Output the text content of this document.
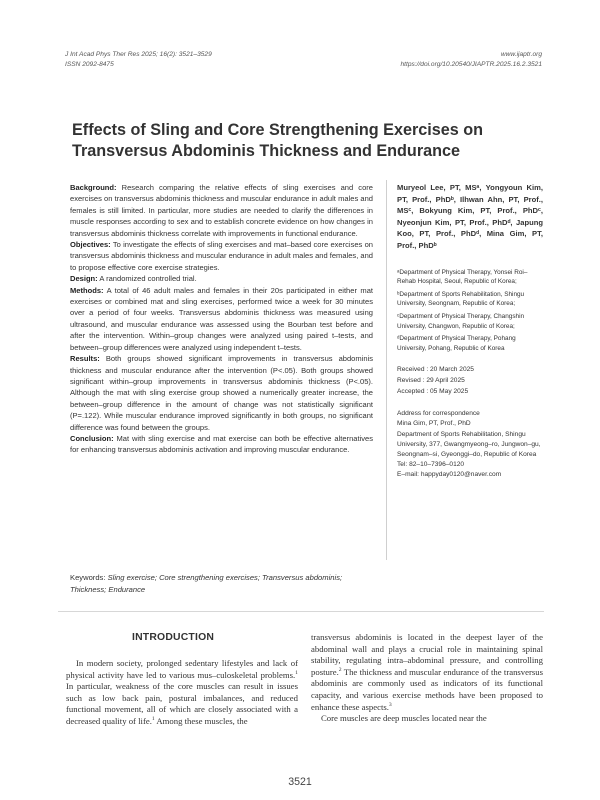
J Int Acad Phys Ther Res 2025; 16(2): 3521–3529
ISSN 2092-8475
www.ijaptr.org
https://doi.org/10.20540/JIAPTR.2025.16.2.3521
Effects of Sling and Core Strengthening Exercises on Transversus Abdominis Thickness and Endurance

Background: Research comparing the relative effects of sling exercises and core exercises on transversus abdominis thickness and muscular endurance in adult males and females is still limited. In particular, more studies are needed to clarify the differences in muscle responses according to sex and to establish concrete evidence on how changes in transversus abdominis thickness correlate with improvements in functional endurance.

Objectives: To investigate the effects of sling exercises and mat–based core exercises on transversus abdominis thickness and muscular endurance in adult males and females, and to propose effective core exercise strategies.

Design: A randomized controlled trial.

Methods: A total of 46 adult males and females in their 20s participated in either mat exercises or combined mat and sling exercises, performed twice a week for 30 minutes over a period of four weeks. Transversus abdominis thickness was measured using ultrasound, and muscular endurance was assessed using the Bourban test before and after the intervention. Within–group changes were analyzed using paired t–tests, and between–group differences were analyzed using independent t–tests.

Results: Both groups showed significant improvements in transversus abdominis thickness and muscular endurance after the intervention (P<.05). Both groups showed significant within–group improvements in transversus abdominis thickness (P<.05). Although the mat with sling exercise group showed a numerically greater increase, the between–group difference in the amount of change was not statistically significant (P=.122). While muscular endurance improved significantly in both groups, no significant difference was found between the groups.

Conclusion: Mat with sling exercise and mat exercise can both be effective alternatives for enhancing transversus abdominis activation and improving muscular endurance.

Muryeol Lee, PT, MSᵃ, Yongyoun Kim, PT, Prof., PhDᵇ, Ilhwan Ahn, PT, Prof., MSᶜ, Bokyung Kim, PT, Prof., PhDᶜ, Nyeonjun Kim, PT, Prof., PhDᵈ, Japung Koo, PT, Prof., PhDᵈ, Mina Gim, PT, Prof., PhDᵇ

ᵃDepartment of Physical Therapy, Yonsei Roi–Rehab Hospital, Seoul, Republic of Korea;

ᵇDepartment of Sports Rehabilitation, Shingu University, Seongnam, Republic of Korea;

ᶜDepartment of Physical Therapy, Changshin University, Changwon, Republic of Korea;

ᵈDepartment of Physical Therapy, Pohang University, Pohang, Republic of Korea

Received : 20 March 2025

Revised : 29 April 2025

Accepted : 05 May 2025

Address for correspondence

Mina Gim, PT, Prof., PhD

Department of Sports Rehabilitation, Shingu University, 377, Gwangmyeong–ro, Jungwon–gu, Seongnam–si, Gyeonggi–do, Republic of Korea

Tel: 82–10–7396–0120

E–mail: happyday0120@naver.com

Keywords: Sling exercise; Core strengthening exercises; Transversus abdominis; Thickness; Endurance
INTRODUCTION

In modern society, prolonged sedentary lifestyles and lack of physical activity have led to various mus–culoskeletal problems.$^1$ In particular, weakness of the core muscles can result in issues such as low back pain, postural imbalances, and reduced functional movement, all of which are closely associated with a decreased quality of life.$^1$ Among these muscles, the

transversus abdominis is located in the deepest layer of the abdominal wall and plays a crucial role in maintaining spinal stability, regulating intra–abdominal pressure, and controlling posture.$^2$ The thickness and muscular endurance of the transversus abdominis are commonly used as indicators of its functional capacity, and various exercise methods have been proposed to enhance these aspects.$^3$

Core muscles are deep muscles located near the

3521
